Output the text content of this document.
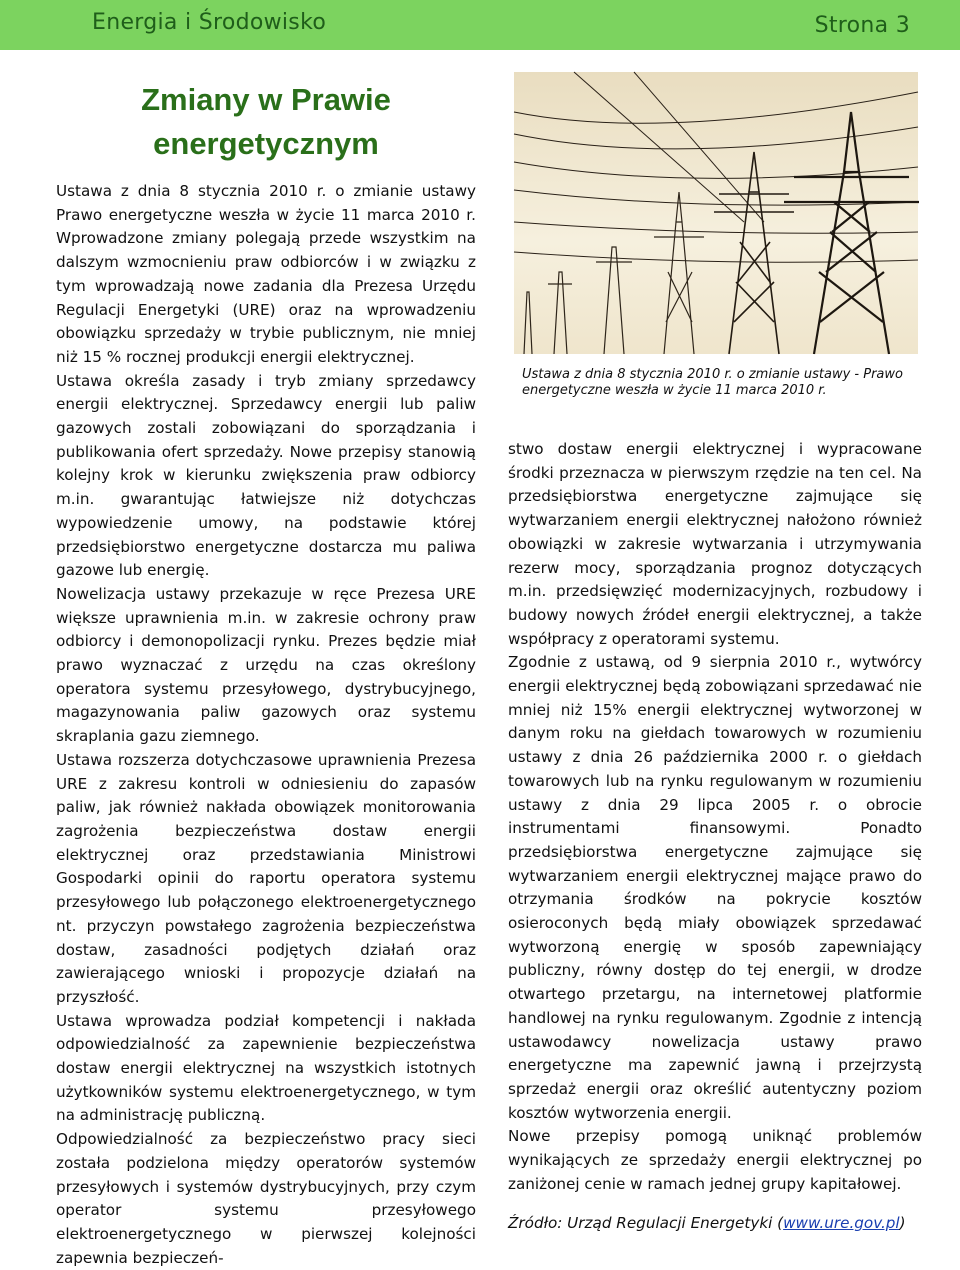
Energia i Środowisko	Strona 3
Zmiany w Prawie
energetycznym

Ustawa z dnia 8 stycznia 2010 r. o zmianie ustawy Prawo energetyczne weszła w życie 11 marca 2010 r. Wprowadzone zmiany polegają przede wszystkim na dalszym wzmocnieniu praw odbiorców i w związku z tym wprowadzają nowe zadania dla Prezesa Urzędu Regulacji Energetyki (URE) oraz na wprowadzeniu obowiązku sprzedaży w trybie publicznym, nie mniej niż 15 % rocznej produkcji energii elektrycznej.

Ustawa określa zasady i tryb zmiany sprzedawcy energii elektrycznej. Sprzedawcy energii lub paliw gazowych zostali zobowiązani do sporządzania i publikowania ofert sprzedaży. Nowe przepisy stanowią kolejny krok w kierunku zwiększenia praw odbiorcy m.in. gwarantując łatwiejsze niż dotychczas wypowiedzenie umowy, na podstawie której przedsiębiorstwo energetyczne dostarcza mu paliwa gazowe lub energię.

Nowelizacja ustawy przekazuje w ręce Prezesa URE większe uprawnienia m.in. w zakresie ochrony praw odbiorcy i demonopolizacji rynku. Prezes będzie miał prawo wyznaczać z urzędu na czas określony operatora systemu przesyłowego, dystrybucyjnego, magazynowania paliw gazowych oraz systemu skraplania gazu ziemnego.

Ustawa rozszerza dotychczasowe uprawnienia Prezesa URE z zakresu kontroli w odniesieniu do zapasów paliw, jak również nakłada obowiązek monitorowania zagrożenia bezpieczeństwa dostaw energii elektrycznej oraz przedstawiania Ministrowi Gospodarki opinii do raportu operatora systemu przesyłowego lub połączonego elektroenergetycznego nt. przyczyn powstałego zagrożenia bezpieczeństwa dostaw, zasadności podjętych działań oraz zawierającego wnioski i propozycje działań na przyszłość.

Ustawa wprowadza podział kompetencji i nakłada odpowiedzialność za zapewnienie bezpieczeństwa dostaw energii elektrycznej na wszystkich istotnych użytkowników systemu elektroenergetycznego, w tym na administrację publiczną.

Odpowiedzialność za bezpieczeństwo pracy sieci została podzielona między operatorów systemów przesyłowych i systemów dystrybucyjnych, przy czym operator systemu przesyłowego elektroenergetycznego w pierwszej kolejności zapewnia bezpieczeń-

Ustawa z dnia 8 stycznia 2010 r. o zmianie ustawy - Prawo energetyczne weszła w życie 11 marca 2010 r.

stwo dostaw energii elektrycznej i wypracowane środki przeznacza w pierwszym rzędzie na ten cel. Na przedsiębiorstwa energetyczne zajmujące się wytwarzaniem energii elektrycznej nałożono również obowiązki w zakresie wytwarzania i utrzymywania rezerw mocy, sporządzania prognoz dotyczących m.in. przedsięwzięć modernizacyjnych, rozbudowy i budowy nowych źródeł energii elektrycznej, a także współpracy z operatorami systemu.

Zgodnie z ustawą, od 9 sierpnia 2010 r., wytwórcy energii elektrycznej będą zobowiązani sprzedawać nie mniej niż 15% energii elektrycznej wytworzonej w danym roku na giełdach towarowych w rozumieniu ustawy z dnia 26 października 2000 r. o giełdach towarowych lub na rynku regulowanym w rozumieniu ustawy z dnia 29 lipca 2005 r. o obrocie instrumentami finansowymi. Ponadto przedsiębiorstwa energetyczne zajmujące się wytwarzaniem energii elektrycznej mające prawo do otrzymania środków na pokrycie kosztów osieroconych będą miały obowiązek sprzedawać wytworzoną energię w sposób zapewniający publiczny, równy dostęp do tej energii, w drodze otwartego przetargu, na internetowej platformie handlowej na rynku regulowanym. Zgodnie z intencją ustawodawcy nowelizacja ustawy prawo energetyczne ma zapewnić jawną i przejrzystą sprzedaż energii oraz określić autentyczny poziom kosztów wytworzenia energii.

Nowe przepisy pomogą uniknąć problemów wynikających ze sprzedaży energii elektrycznej po zaniżonej cenie w ramach jednej grupy kapitałowej.

Źródło: Urząd Regulacji Energetyki (www.ure.gov.pl)
